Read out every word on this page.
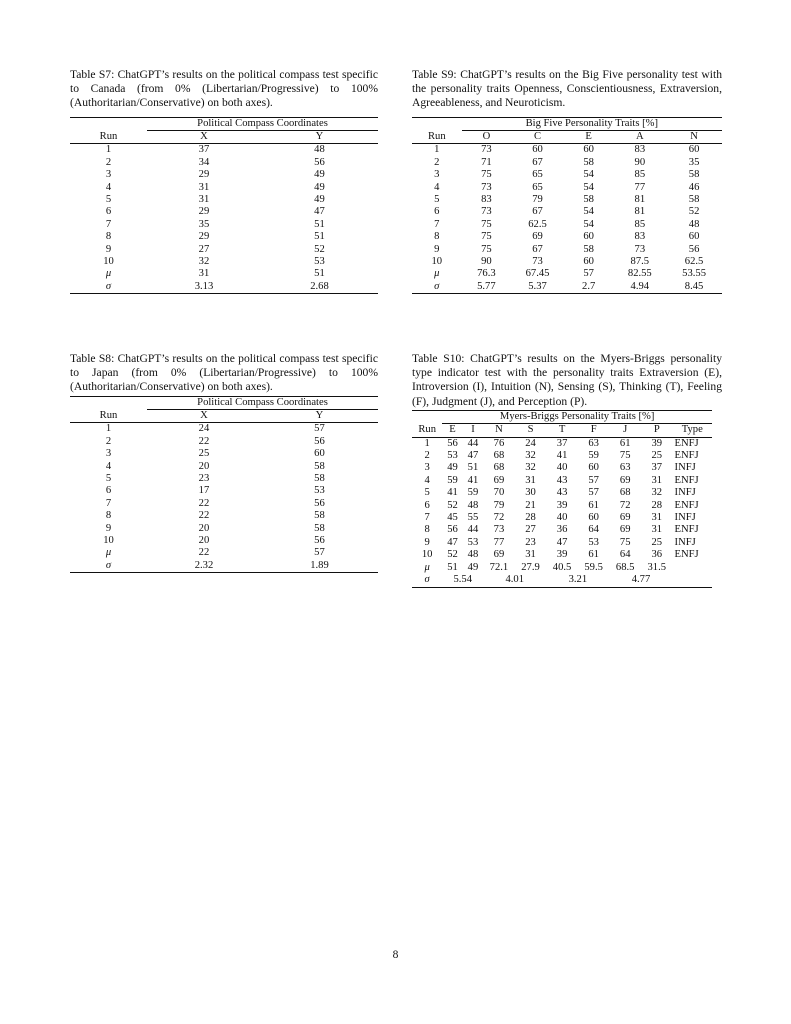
Table S7: ChatGPT’s results on the political compass test specific to Canada (from 0% (Libertarian/Progressive) to 100% (Authoritarian/Conservative) on both axes).

	Political Compass Coordinates	
Run	X	Y
1	37	48
2	34	56
3	29	49
4	31	49
5	31	49
6	29	47
7	35	51
8	29	51
9	27	52
10	32	53
μ	31	51
σ	3.13	2.68

Table S9: ChatGPT’s results on the Big Five personality test with the personality traits Openness, Conscientiousness, Extraversion, Agreeableness, and Neuroticism.

	Big Five Personality Traits [%]				
Run	O	C	E	A	N
1	73	60	60	83	60
2	71	67	58	90	35
3	75	65	54	85	58
4	73	65	54	77	46
5	83	79	58	81	58
6	73	67	54	81	52
7	75	62.5	54	85	48
8	75	69	60	83	60
9	75	67	58	73	56
10	90	73	60	87.5	62.5
μ	76.3	67.45	57	82.55	53.55
σ	5.77	5.37	2.7	4.94	8.45

Table S8: ChatGPT’s results on the political compass test specific to Japan (from 0% (Libertarian/Progressive) to 100% (Authoritarian/Conservative) on both axes).

	Political Compass Coordinates	
Run	X	Y
1	24	57
2	22	56
3	25	60
4	20	58
5	23	58
6	17	53
7	22	56
8	22	58
9	20	58
10	20	56
μ	22	57
σ	2.32	1.89

Table S10: ChatGPT’s results on the Myers-Briggs personality type indicator test with the personality traits Extraversion (E), Introversion (I), Intuition (N), Sensing (S), Thinking (T), Feeling (F), Judgment (J), and Perception (P).

	Myers-Briggs Personality Traits [%]								
Run	E	I	N	S	T	F	J	P	Type
1	56	44	76	24	37	63	61	39	ENFJ
2	53	47	68	32	41	59	75	25	ENFJ
3	49	51	68	32	40	60	63	37	INFJ
4	59	41	69	31	43	57	69	31	ENFJ
5	41	59	70	30	43	57	68	32	INFJ
6	52	48	79	21	39	61	72	28	ENFJ
7	45	55	72	28	40	60	69	31	INFJ
8	56	44	73	27	36	64	69	31	ENFJ
9	47	53	77	23	47	53	75	25	INFJ
10	52	48	69	31	39	61	64	36	ENFJ
μ	51	49	72.1	27.9	40.5	59.5	68.5	31.5	
σ	5.54		4.01		3.21		4.77		
8
